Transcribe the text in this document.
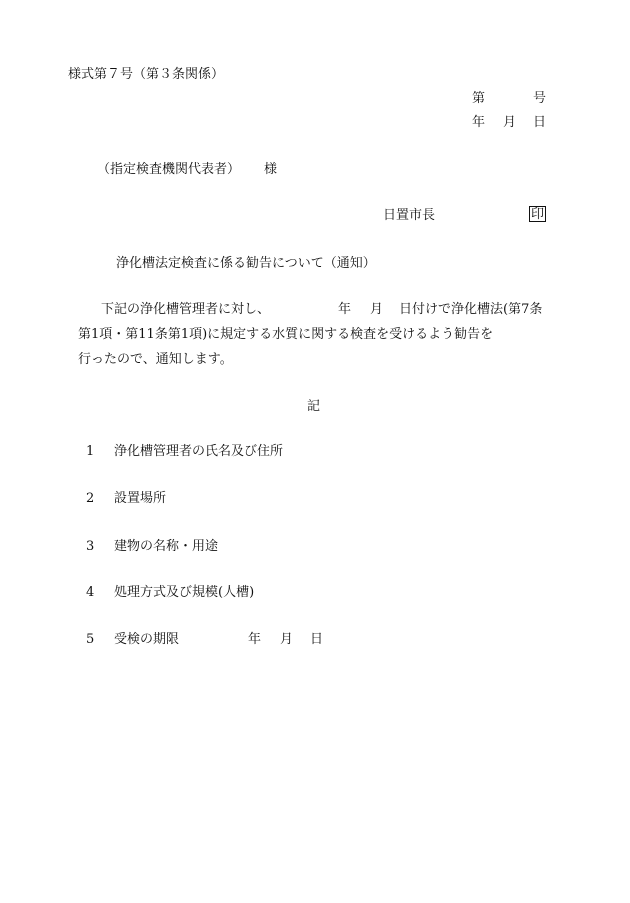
様式第７号（第３条関係）
第	号
年 月 日
（指定検査機関代表者） 様
日置市長	印
浄化槽法定検査に係る勧告について（通知）
下記の浄化槽管理者に対し、	年 月 日付けで浄化槽法(第7条
第1項・第11条第1項)に規定する水質に関する検査を受けるよう勧告を
行ったので、通知します。
記
1 浄化槽管理者の氏名及び住所
2 設置場所
3 建物の名称・用途
4 処理方式及び規模(人槽)
5 受検の期限	年 月 日
